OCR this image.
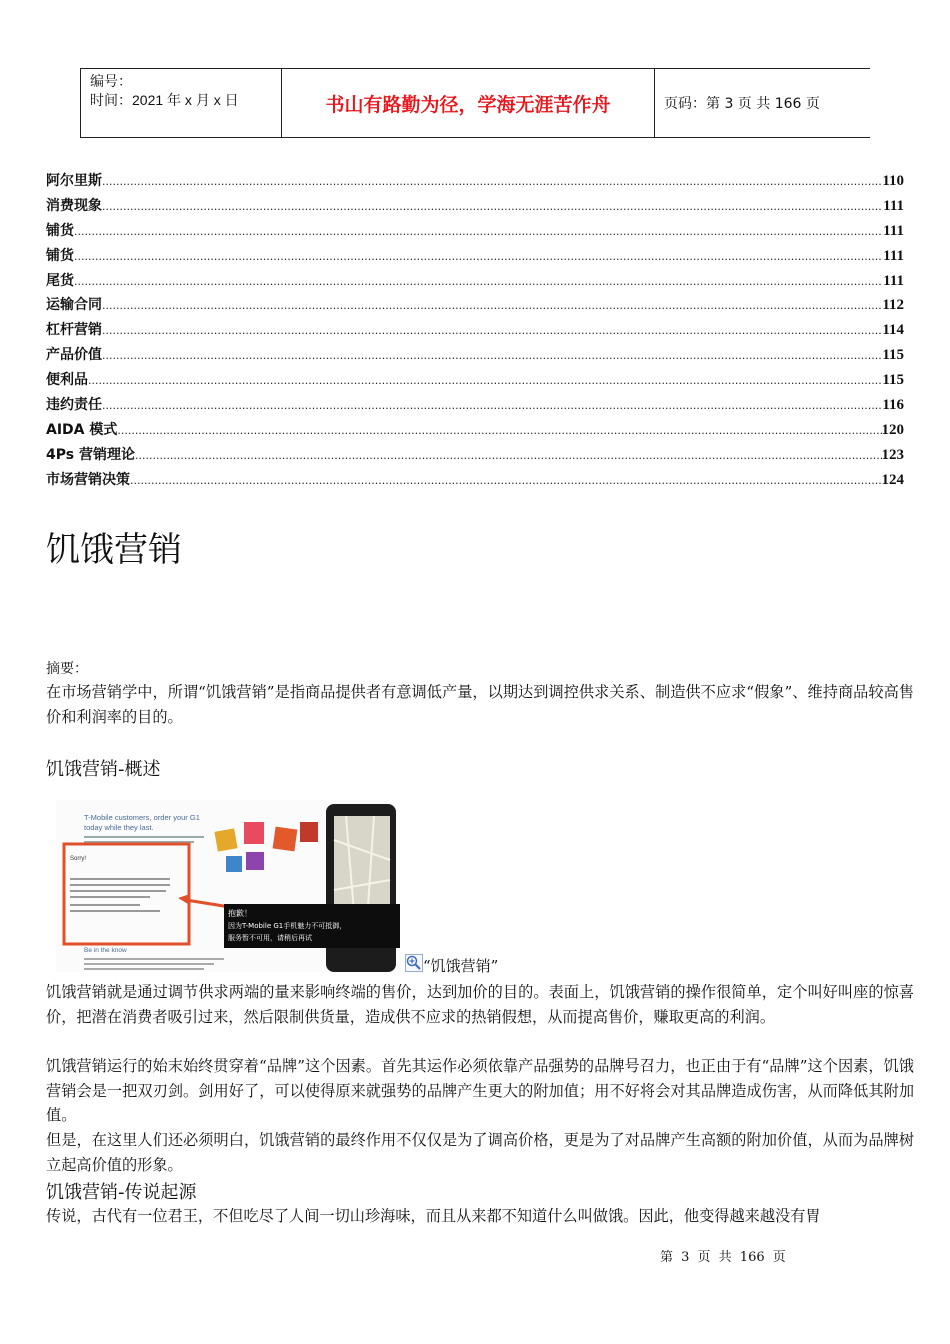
编号：
时间：2021 年 x 月 x 日	书山有路勤为径，学海无涯苦作舟	页码：第 3 页 共 166 页
阿尔里斯 .....	110
消费现象 .....	111
铺货 .....	111
铺货 .....	111
尾货 .....	111
运输合同 .....	112
杠杆营销 .....	114
产品价值 .....	115
便利品 .....	115
违约责任 .....	116
AIDA 模式 .....	120
4Ps 营销理论 .....	123
市场营销决策 .....	124
饥饿营销
摘要：
在市场营销学中，所谓“饥饿营销”是指商品提供者有意调低产量，以期达到调控供求关系、制造供不应求“假象”、维持商品较高售价和利润率的目的。
饥饿营销-概述
T-Mobile customers, order your G1
today while they last.
Sorry!
Be in the know
抱歉！
因为T-Mobile G1手机魅力不可抵御，
服务暂不可用，请稍后再试
“饥饿营销”
饥饿营销就是通过调节供求两端的量来影响终端的售价，达到加价的目的。表面上，饥饿营销的操作很简单，定个叫好叫座的惊喜价，把潜在消费者吸引过来，然后限制供货量，造成供不应求的热销假想，从而提高售价，赚取更高的利润。
饥饿营销运行的始末始终贯穿着“品牌”这个因素。首先其运作必须依靠产品强势的品牌号召力，也正由于有“品牌”这个因素，饥饿营销会是一把双刃剑。剑用好了，可以使得原来就强势的品牌产生更大的附加值；用不好将会对其品牌造成伤害，从而降低其附加值。
但是，在这里人们还必须明白，饥饿营销的最终作用不仅仅是为了调高价格，更是为了对品牌产生高额的附加价值，从而为品牌树立起高价值的形象。
饥饿营销-传说起源
传说，古代有一位君王，不但吃尽了人间一切山珍海味，而且从来都不知道什么叫做饿。因此，他变得越来越没有胃
第 3 页 共 166 页
